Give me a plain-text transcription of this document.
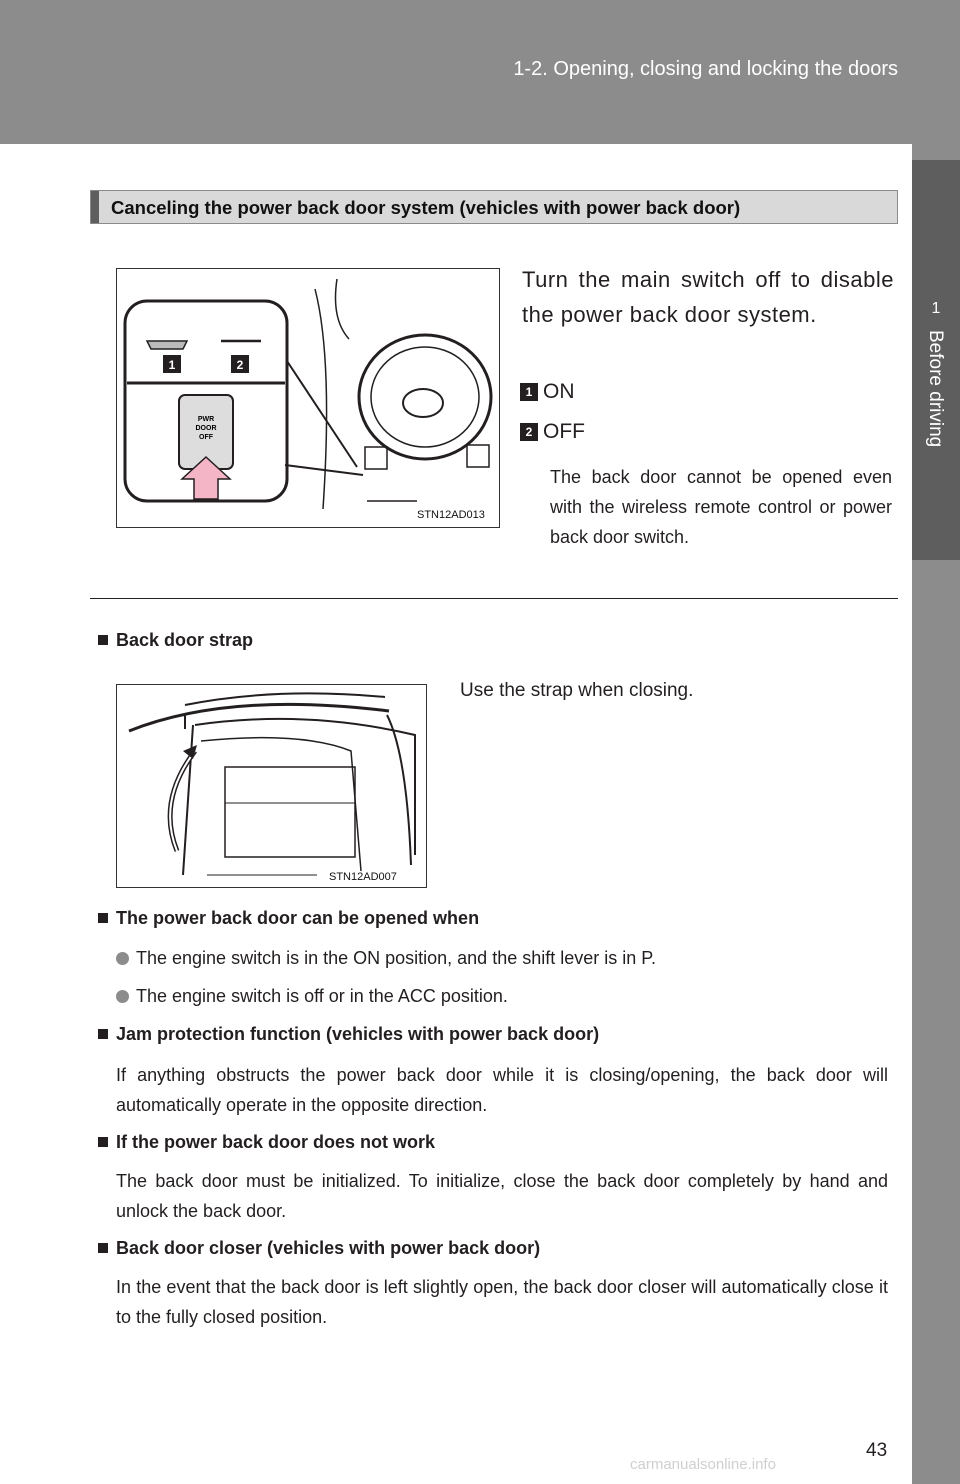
1-2. Opening, closing and locking the doors
1
Before driving
Canceling the power back door system (vehicles with power back door)
1	2
PWR
DOOR
OFF
STN12AD013
Turn the main switch off to disable the power back door system.
1 ON
2 OFF
The back door cannot be opened even with the wireless remote control or power back door switch.
Back door strap
STN12AD007
Use the strap when closing.
The power back door can be opened when
The engine switch is in the ON position, and the shift lever is in P.
The engine switch is off or in the ACC position.
Jam protection function (vehicles with power back door)
If anything obstructs the power back door while it is closing/opening, the back door will automatically operate in the opposite direction.
If the power back door does not work
The back door must be initialized. To initialize, close the back door completely by hand and unlock the back door.
Back door closer (vehicles with power back door)
In the event that the back door is left slightly open, the back door closer will automatically close it to the fully closed position.
43
carmanualsonline.info
